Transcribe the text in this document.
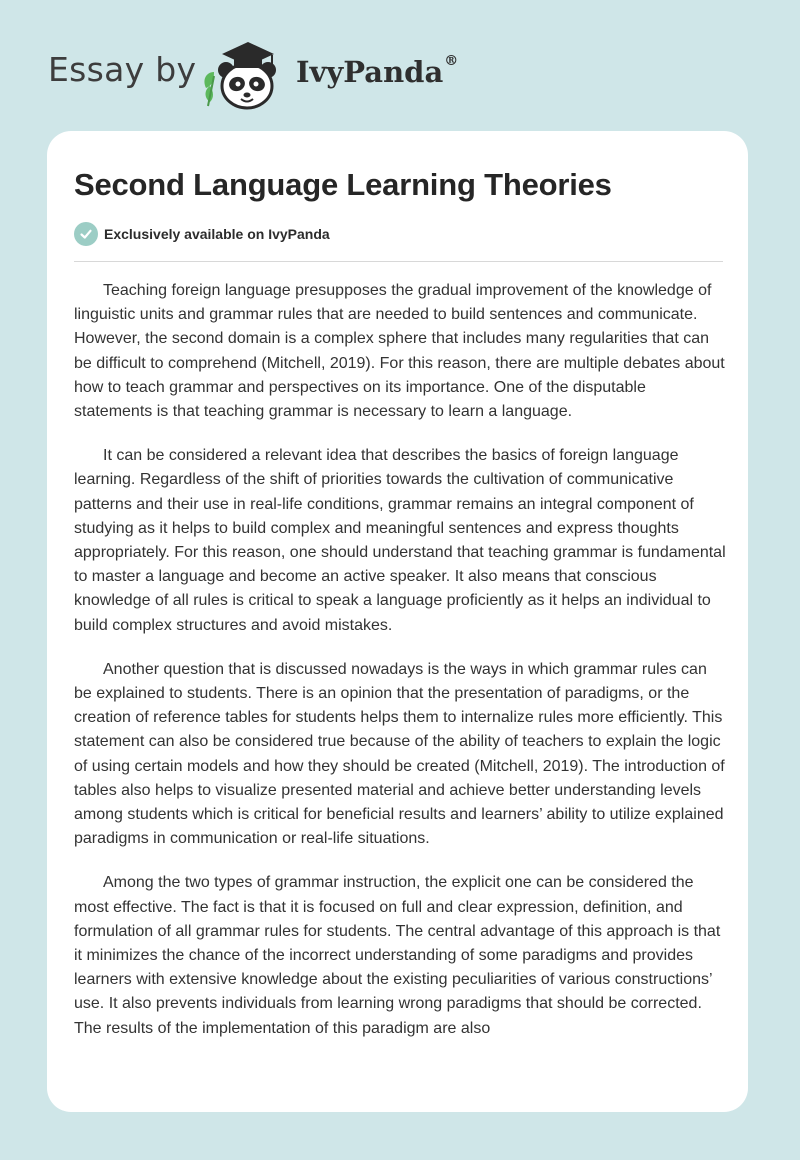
Essay by	IvyPanda®
Second Language Learning Theories
Exclusively available on IvyPanda

Teaching foreign language presupposes the gradual improvement of the knowledge of linguistic units and grammar rules that are needed to build sentences and communicate. However, the second domain is a complex sphere that includes many regularities that can be difficult to comprehend (Mitchell, 2019). For this reason, there are multiple debates about how to teach grammar and perspectives on its importance. One of the disputable statements is that teaching grammar is necessary to learn a language.

It can be considered a relevant idea that describes the basics of foreign language learning. Regardless of the shift of priorities towards the cultivation of communicative patterns and their use in real-life conditions, grammar remains an integral component of studying as it helps to build complex and meaningful sentences and express thoughts appropriately. For this reason, one should understand that teaching grammar is fundamental to master a language and become an active speaker. It also means that conscious knowledge of all rules is critical to speak a language proficiently as it helps an individual to build complex structures and avoid mistakes.

Another question that is discussed nowadays is the ways in which grammar rules can be explained to students. There is an opinion that the presentation of paradigms, or the creation of reference tables for students helps them to internalize rules more efficiently. This statement can also be considered true because of the ability of teachers to explain the logic of using certain models and how they should be created (Mitchell, 2019). The introduction of tables also helps to visualize presented material and achieve better understanding levels among students which is critical for beneficial results and learners’ ability to utilize explained paradigms in communication or real-life situations.

Among the two types of grammar instruction, the explicit one can be considered the most effective. The fact is that it is focused on full and clear expression, definition, and formulation of all grammar rules for students. The central advantage of this approach is that it minimizes the chance of the incorrect understanding of some paradigms and provides learners with extensive knowledge about the existing peculiarities of various constructions’ use. It also prevents individuals from learning wrong paradigms that should be corrected. The results of the implementation of this paradigm are also
